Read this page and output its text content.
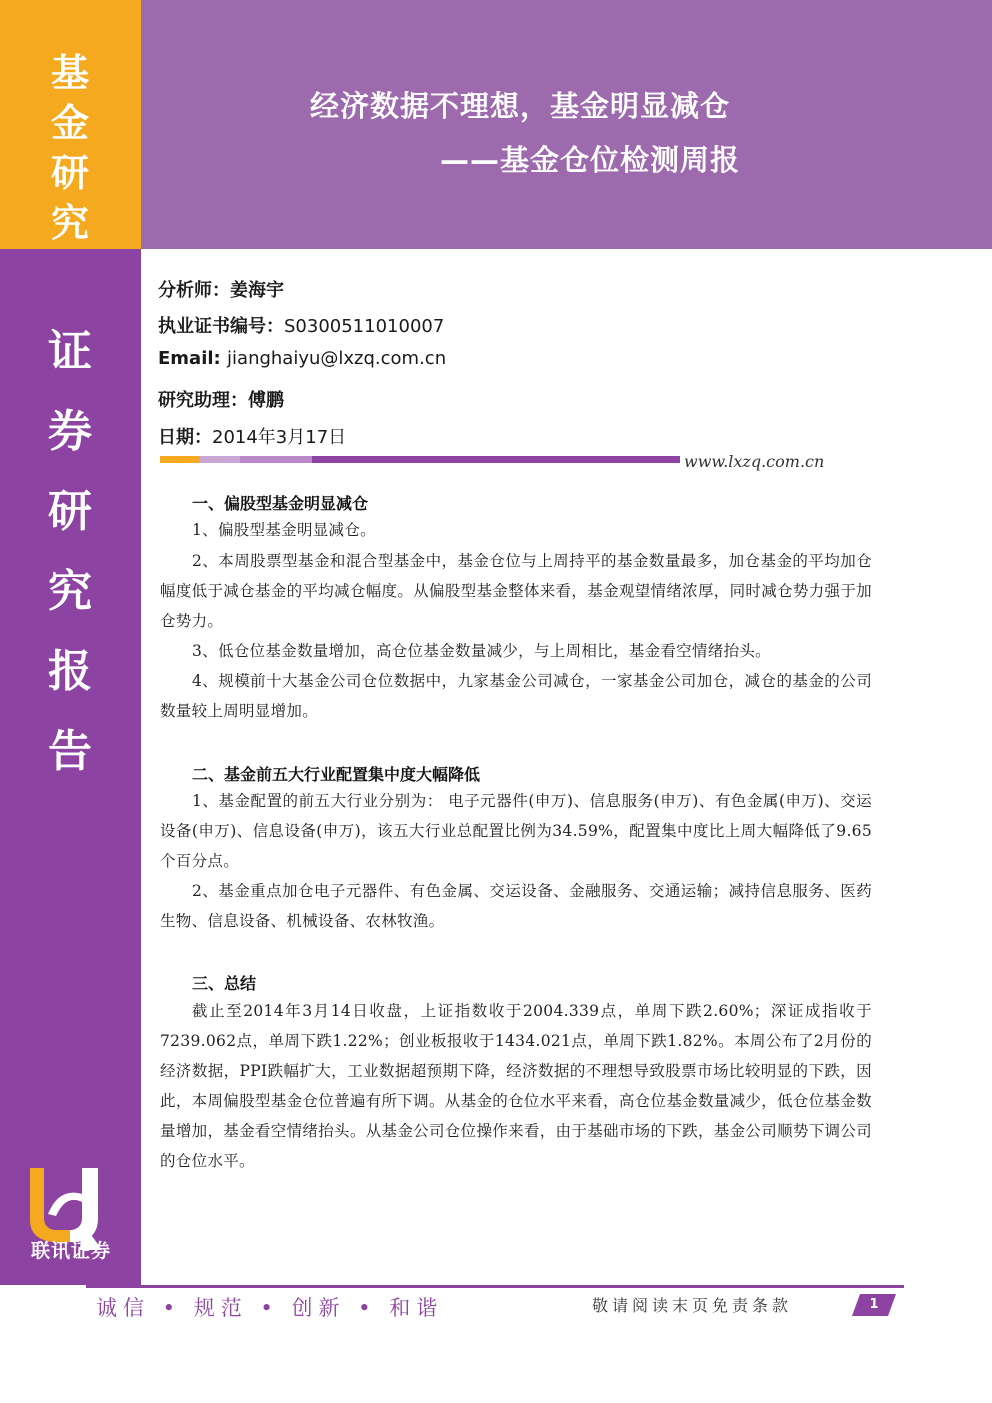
基金研究
证券研究报告
联讯证券
经济数据不理想，基金明显减仓
——基金仓位检测周报
分析师：姜海宇
执业证书编号：S0300511010007
Email: jianghaiyu@lxzq.com.cn
研究助理：傅鹏
日期：2014年3月17日
www.lxzq.com.cn
一、偏股型基金明显减仓
1、偏股型基金明显减仓。
2、本周股票型基金和混合型基金中，基金仓位与上周持平的基金数量最多，加仓基金的平均加仓幅度低于减仓基金的平均减仓幅度。从偏股型基金整体来看，基金观望情绪浓厚，同时减仓势力强于加仓势力。
3、低仓位基金数量增加，高仓位基金数量减少，与上周相比，基金看空情绪抬头。
4、规模前十大基金公司仓位数据中，九家基金公司减仓，一家基金公司加仓，减仓的基金的公司数量较上周明显增加。
二、基金前五大行业配置集中度大幅降低
1、基金配置的前五大行业分别为： 电子元器件(申万)、信息服务(申万)、有色金属(申万)、交运设备(申万)、信息设备(申万)，该五大行业总配置比例为34.59%，配置集中度比上周大幅降低了9.65个百分点。
2、基金重点加仓电子元器件、有色金属、交运设备、金融服务、交通运输；减持信息服务、医药生物、信息设备、机械设备、农林牧渔。
三、总结
截止至2014年3月14日收盘，上证指数收于2004.339点，单周下跌2.60%；深证成指收于7239.062点，单周下跌1.22%；创业板报收于1434.021点，单周下跌1.82%。本周公布了2月份的经济数据，PPI跌幅扩大，工业数据超预期下降，经济数据的不理想导致股票市场比较明显的下跌，因此，本周偏股型基金仓位普遍有所下调。从基金的仓位水平来看，高仓位基金数量减少，低仓位基金数量增加，基金看空情绪抬头。从基金公司仓位操作来看，由于基础市场的下跌，基金公司顺势下调公司的仓位水平。
诚信 • 规范 • 创新 • 和谐	敬请阅读末页免责条款	1
